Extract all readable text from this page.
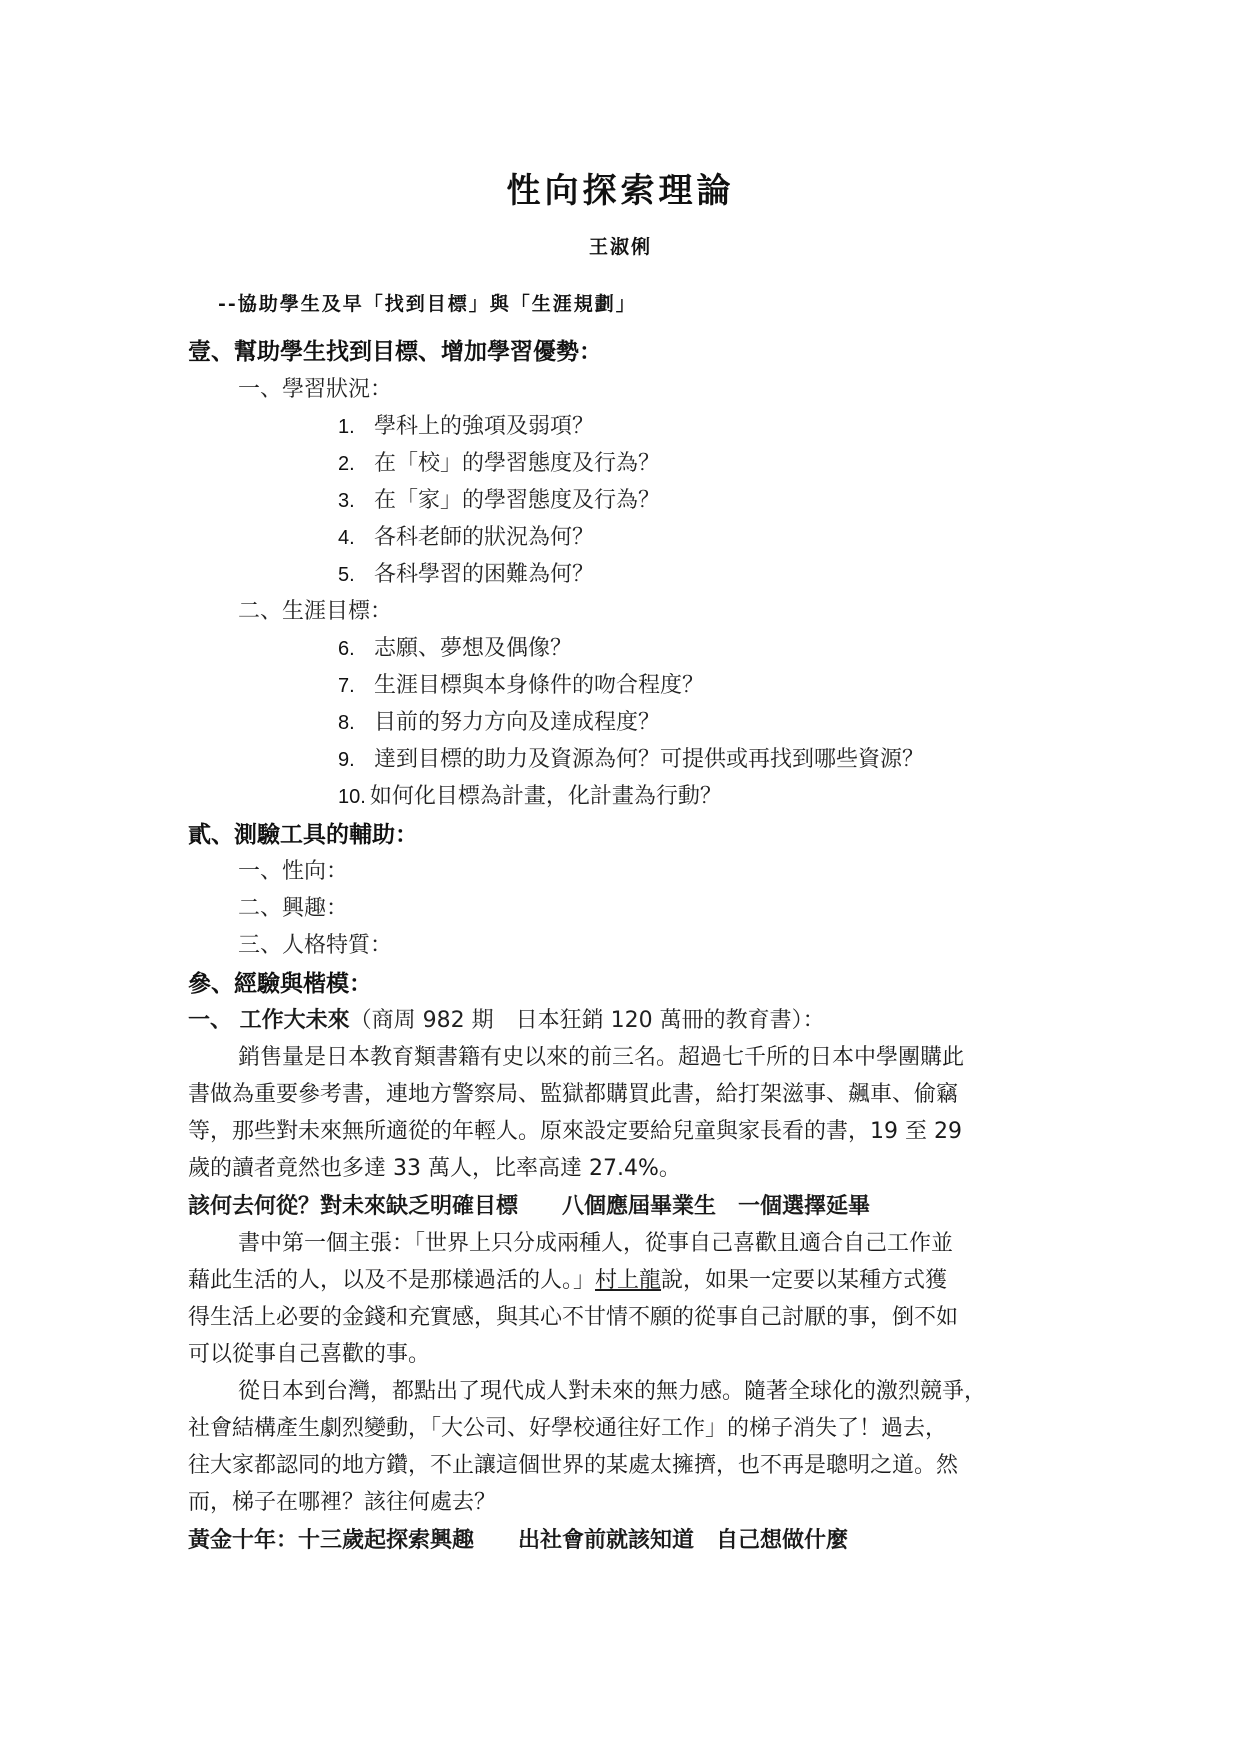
性向探索理論
王淑俐
--協助學生及早「找到目標」與「生涯規劃」
壹、幫助學生找到目標、增加學習優勢：
一、學習狀況：
1. 學科上的強項及弱項？
2. 在「校」的學習態度及行為？
3. 在「家」的學習態度及行為？
4. 各科老師的狀況為何？
5. 各科學習的困難為何？
二、生涯目標：
6. 志願、夢想及偶像？
7. 生涯目標與本身條件的吻合程度？
8. 目前的努力方向及達成程度？
9. 達到目標的助力及資源為何？可提供或再找到哪些資源？
10. 如何化目標為計畫，化計畫為行動？
貳、測驗工具的輔助：
一、性向：
二、興趣：
三、人格特質：
參、經驗與楷模：
一、 工作大未來（商周 982 期　日本狂銷 120 萬冊的教育書）：
銷售量是日本教育類書籍有史以來的前三名。超過七千所的日本中學團購此
書做為重要參考書，連地方警察局、監獄都購買此書，給打架滋事、飆車、偷竊
等，那些對未來無所適從的年輕人。原來設定要給兒童與家長看的書，19 至 29
歲的讀者竟然也多達 33 萬人，比率高達 27.4%。
該何去何從？對未來缺乏明確目標　　八個應屆畢業生　一個選擇延畢
書中第一個主張：「世界上只分成兩種人，從事自己喜歡且適合自己工作並
藉此生活的人，以及不是那樣過活的人。」村上龍說，如果一定要以某種方式獲
得生活上必要的金錢和充實感，與其心不甘情不願的從事自己討厭的事，倒不如
可以從事自己喜歡的事。
從日本到台灣，都點出了現代成人對未來的無力感。隨著全球化的激烈競爭，
社會結構產生劇烈變動，「大公司、好學校通往好工作」的梯子消失了！過去，
往大家都認同的地方鑽，不止讓這個世界的某處太擁擠，也不再是聰明之道。然
而，梯子在哪裡？該往何處去？
黃金十年：十三歲起探索興趣　　出社會前就該知道　自己想做什麼
